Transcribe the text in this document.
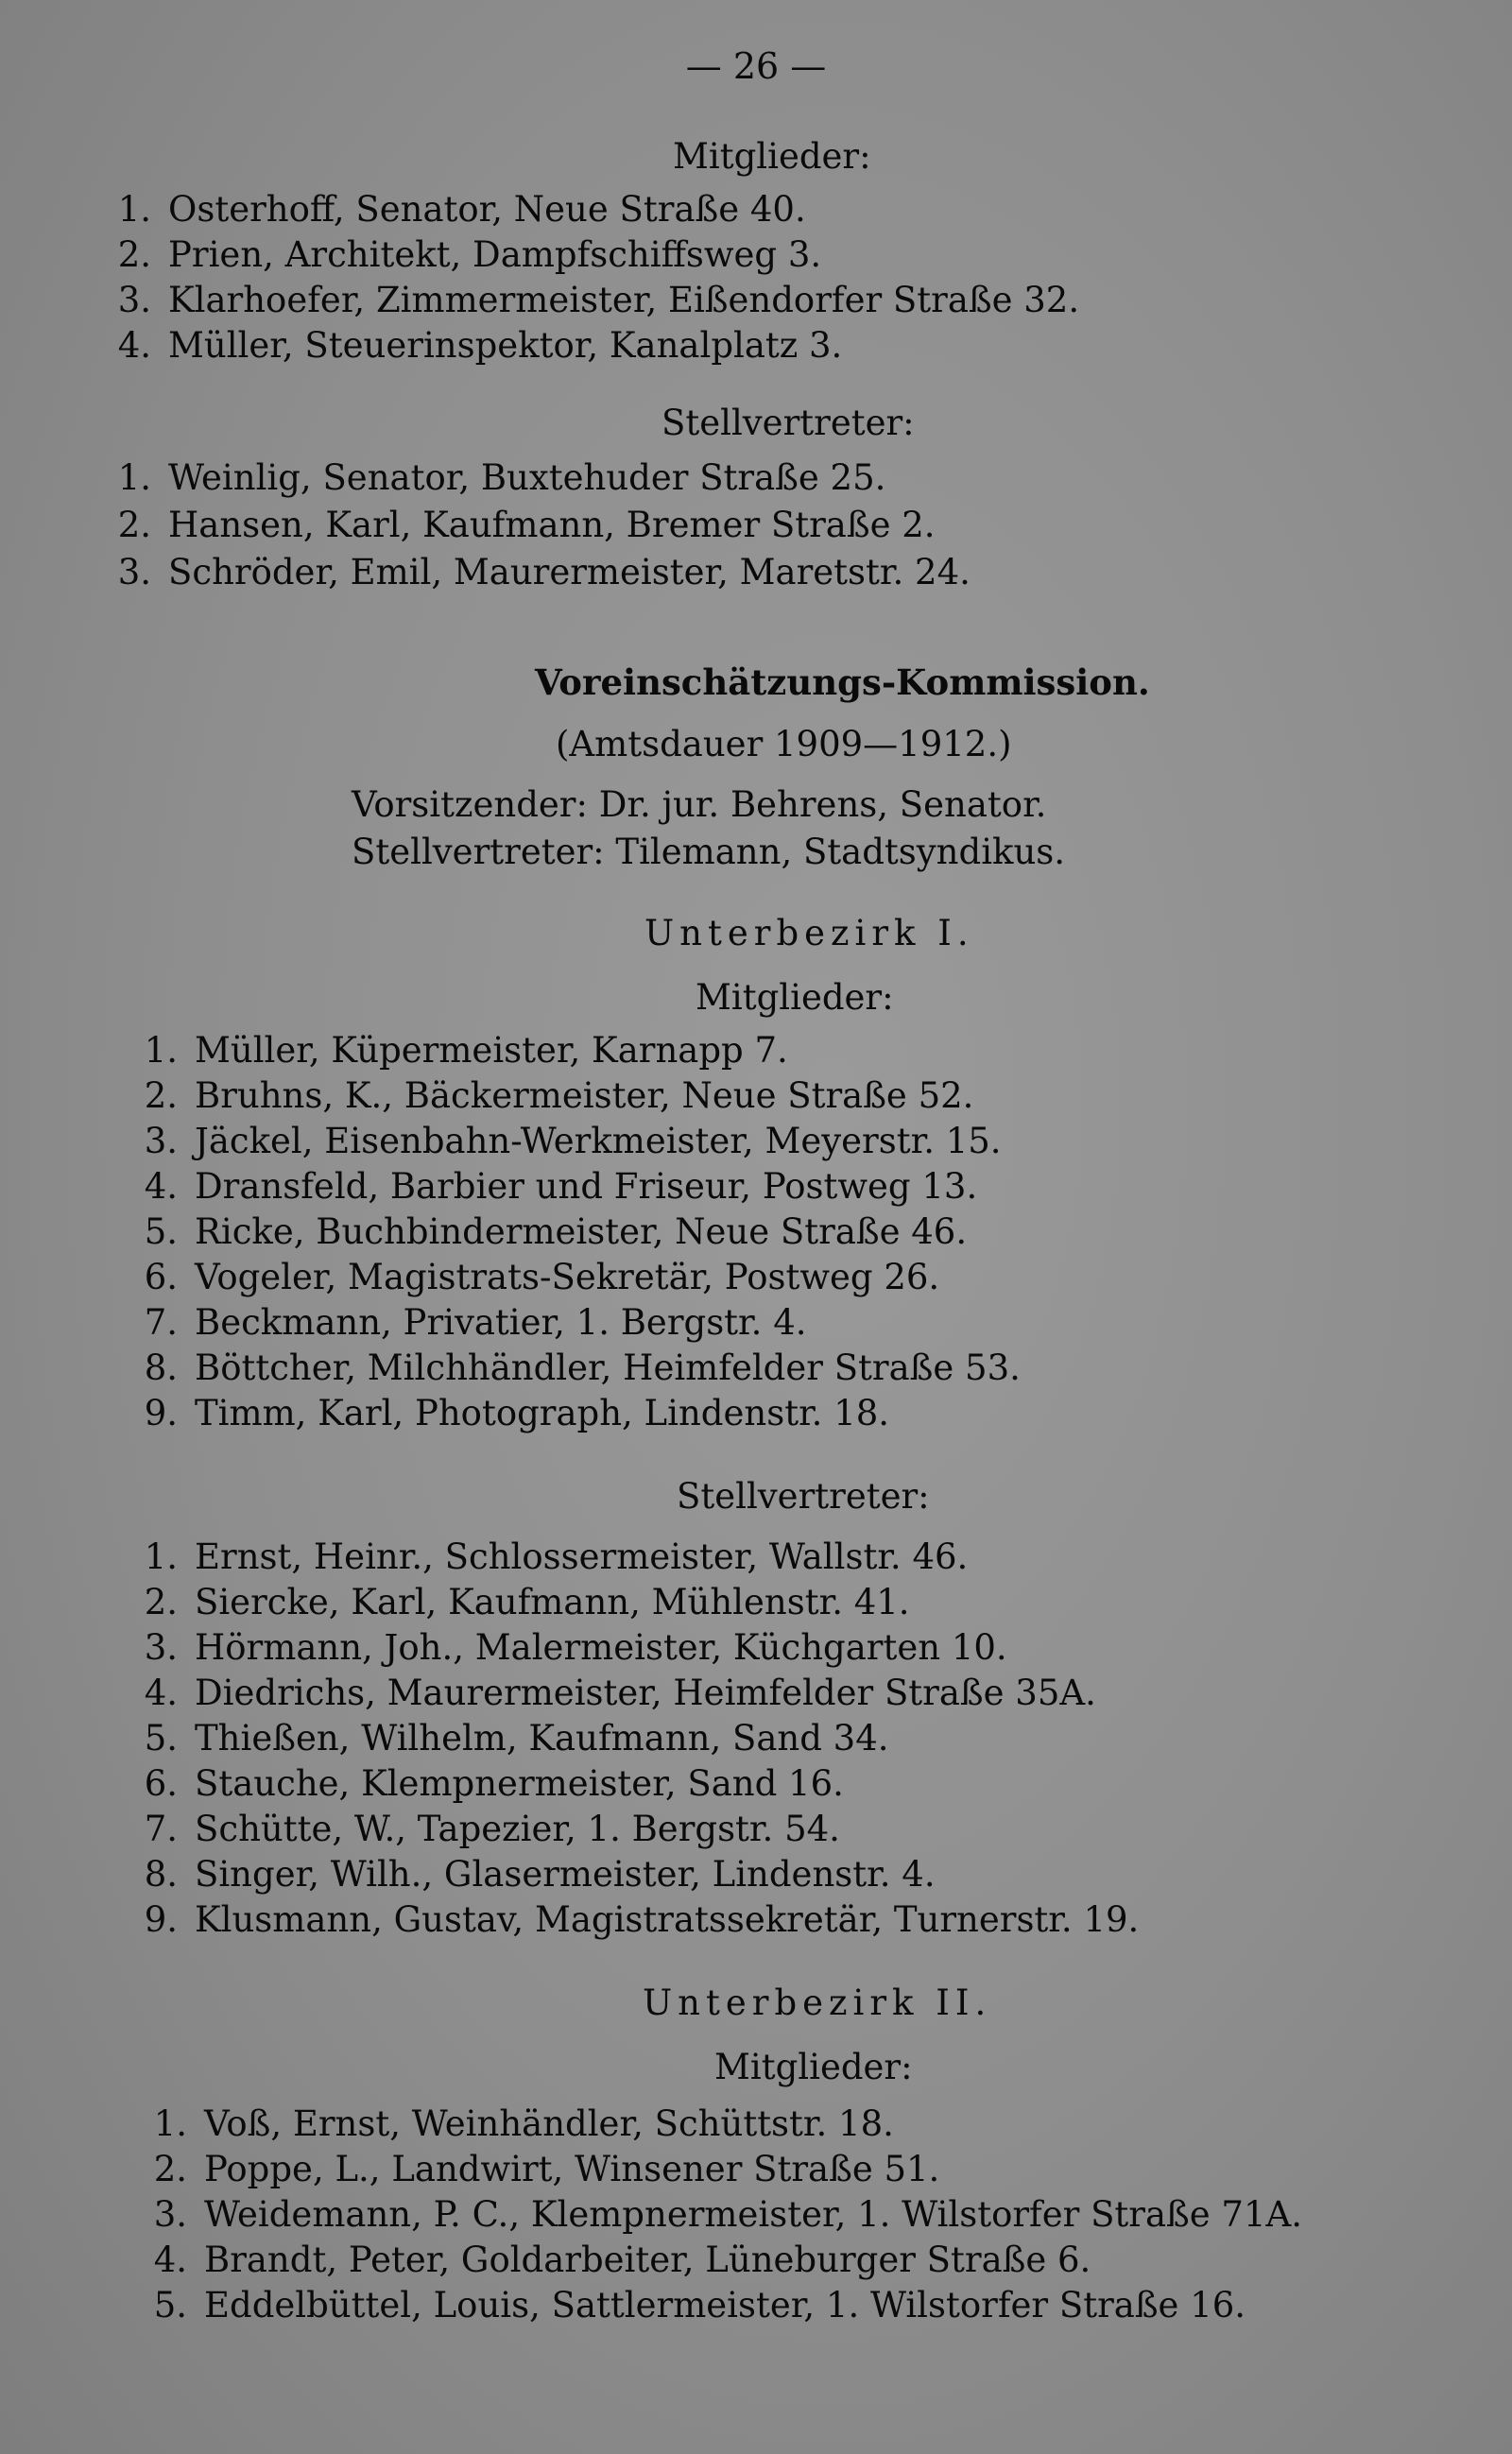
— 26 —
Mitglieder:
1. Osterhoff, Senator, Neue Straße 40.
2. Prien, Architekt, Dampfschiffsweg 3.
3. Klarhoefer, Zimmermeister, Eißendorfer Straße 32.
4. Müller, Steuerinspektor, Kanalplatz 3.
Stellvertreter:
1. Weinlig, Senator, Buxtehuder Straße 25.
2. Hansen, Karl, Kaufmann, Bremer Straße 2.
3. Schröder, Emil, Maurermeister, Maretstr. 24.
Voreinschätzungs-Kommission.
(Amtsdauer 1909—1912.)
Vorsitzender: Dr. jur. Behrens, Senator.
Stellvertreter: Tilemann, Stadtsyndikus.
Unterbezirk I.
Mitglieder:
1. Müller, Küpermeister, Karnapp 7.
2. Bruhns, K., Bäckermeister, Neue Straße 52.
3. Jäckel, Eisenbahn-Werkmeister, Meyerstr. 15.
4. Dransfeld, Barbier und Friseur, Postweg 13.
5. Ricke, Buchbindermeister, Neue Straße 46.
6. Vogeler, Magistrats-Sekretär, Postweg 26.
7. Beckmann, Privatier, 1. Bergstr. 4.
8. Böttcher, Milchhändler, Heimfelder Straße 53.
9. Timm, Karl, Photograph, Lindenstr. 18.
Stellvertreter:
1. Ernst, Heinr., Schlossermeister, Wallstr. 46.
2. Siercke, Karl, Kaufmann, Mühlenstr. 41.
3. Hörmann, Joh., Malermeister, Küchgarten 10.
4. Diedrichs, Maurermeister, Heimfelder Straße 35A.
5. Thießen, Wilhelm, Kaufmann, Sand 34.
6. Stauche, Klempnermeister, Sand 16.
7. Schütte, W., Tapezier, 1. Bergstr. 54.
8. Singer, Wilh., Glasermeister, Lindenstr. 4.
9. Klusmann, Gustav, Magistratssekretär, Turnerstr. 19.
Unterbezirk II.
Mitglieder:
1. Voß, Ernst, Weinhändler, Schüttstr. 18.
2. Poppe, L., Landwirt, Winsener Straße 51.
3. Weidemann, P. C., Klempnermeister, 1. Wilstorfer Straße 71A.
4. Brandt, Peter, Goldarbeiter, Lüneburger Straße 6.
5. Eddelbüttel, Louis, Sattlermeister, 1. Wilstorfer Straße 16.
